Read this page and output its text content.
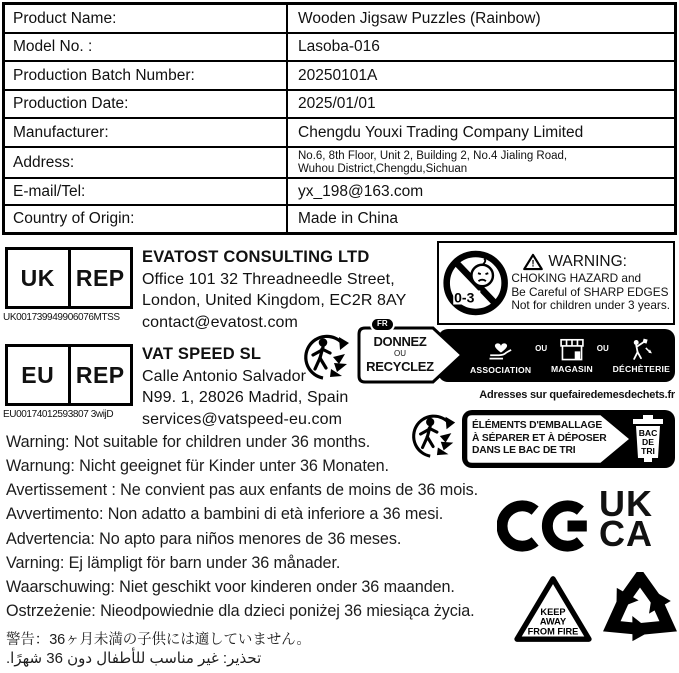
Product Name:	Wooden Jigsaw Puzzles (Rainbow)
Model No. :	Lasoba-016
Production Batch Number:	20250101A
Production Date:	2025/01/01
Manufacturer:	Chengdu Youxi Trading Company Limited
Address:	No.6, 8th Floor, Unit 2, Building 2, No.4 Jialing Road,
Wuhou District,Chengdu,Sichuan
E-mail/Tel:	yx_198@163.com
Country of Origin:	Made in China
UK REP
UK001739949906076MTSS
EVATOST CONSULTING LTD
Office 101 32 Threadneedle Street,
London, United Kingdom, EC2R 8AY
contact@evatost.com
0-3
! WARNING:
CHOKING HAZARD and
Be Careful of SHARP EDGES
Not for children under 3 years.
EU REP
EU00174012593807 3wijD
VAT SPEED SL
Calle Antonio Salvador
N99. 1, 28026 Madrid, Spain
services@vatspeed-eu.com
DONNEZ
OU
RECYCLEZ
FR
ASSOCIATION
OU
MAGASIN
OU
DÉCHÈTERIE
Adresses sur quefairedemesdechets.fr
ÉLÉMENTS D'EMBALLAGE
À SÉPARER ET À DÉPOSER
DANS LE BAC DE TRI
BAC
DE
TRI
Warning: Not suitable for children under 36 months.
Warnung: Nicht geeignet für Kinder unter 36 Monaten.
Avertissement : Ne convient pas aux enfants de moins de 36 mois.
Avvertimento: Non adatto a bambini di età inferiore a 36 mesi.
Advertencia: No apto para niños menores de 36 meses.
Varning: Ej lämpligt för barn under 36 månader.
Waarschuwing: Niet geschikt voor kinderen onder 36 maanden.
Ostrzeżenie: Nieodpowiednie dla dzieci poniżej 36 miesiąca życia.
警告：36ヶ月未満の子供には適していません。
تحذير: غير مناسب للأطفال دون 36 شهرًا.
UK
CA
KEEP
AWAY
FROM FIRE
